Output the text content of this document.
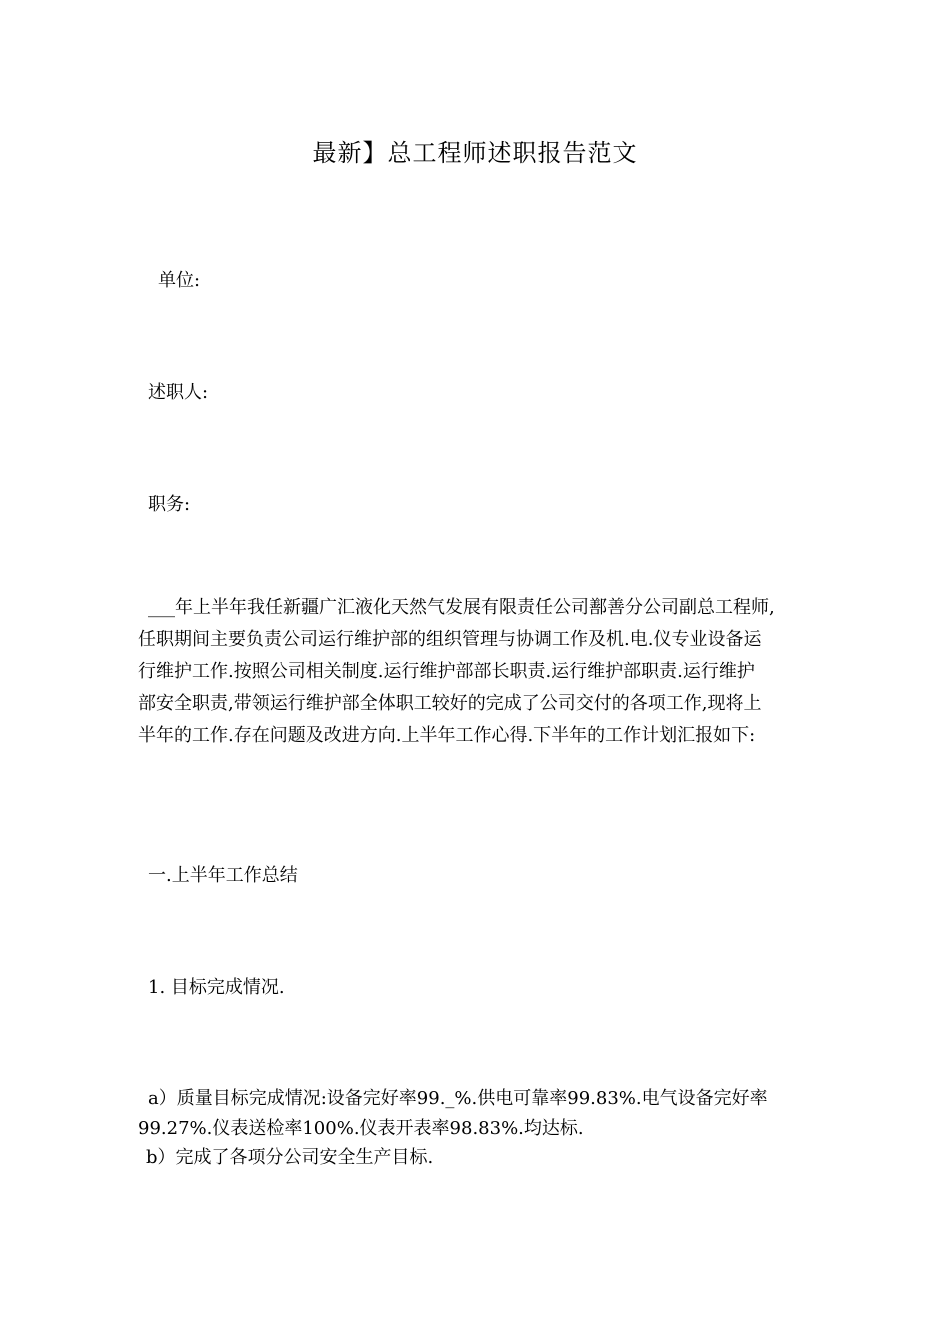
最新】总工程师述职报告范文
单位:
述职人:
职务:
___年上半年我任新疆广汇液化天然气发展有限责任公司鄯善分公司副总工程师,
任职期间主要负责公司运行维护部的组织管理与协调工作及机.电.仪专业设备运
行维护工作.按照公司相关制度.运行维护部部长职责.运行维护部职责.运行维护
部安全职责,带领运行维护部全体职工较好的完成了公司交付的各项工作,现将上
半年的工作.存在问题及改进方向.上半年工作心得.下半年的工作计划汇报如下:
一.上半年工作总结
1. 目标完成情况.
a）质量目标完成情况:设备完好率99._%.供电可靠率99.83%.电气设备完好率
99.27%.仪表送检率100%.仪表开表率98.83%.均达标.
b）完成了各项分公司安全生产目标.
